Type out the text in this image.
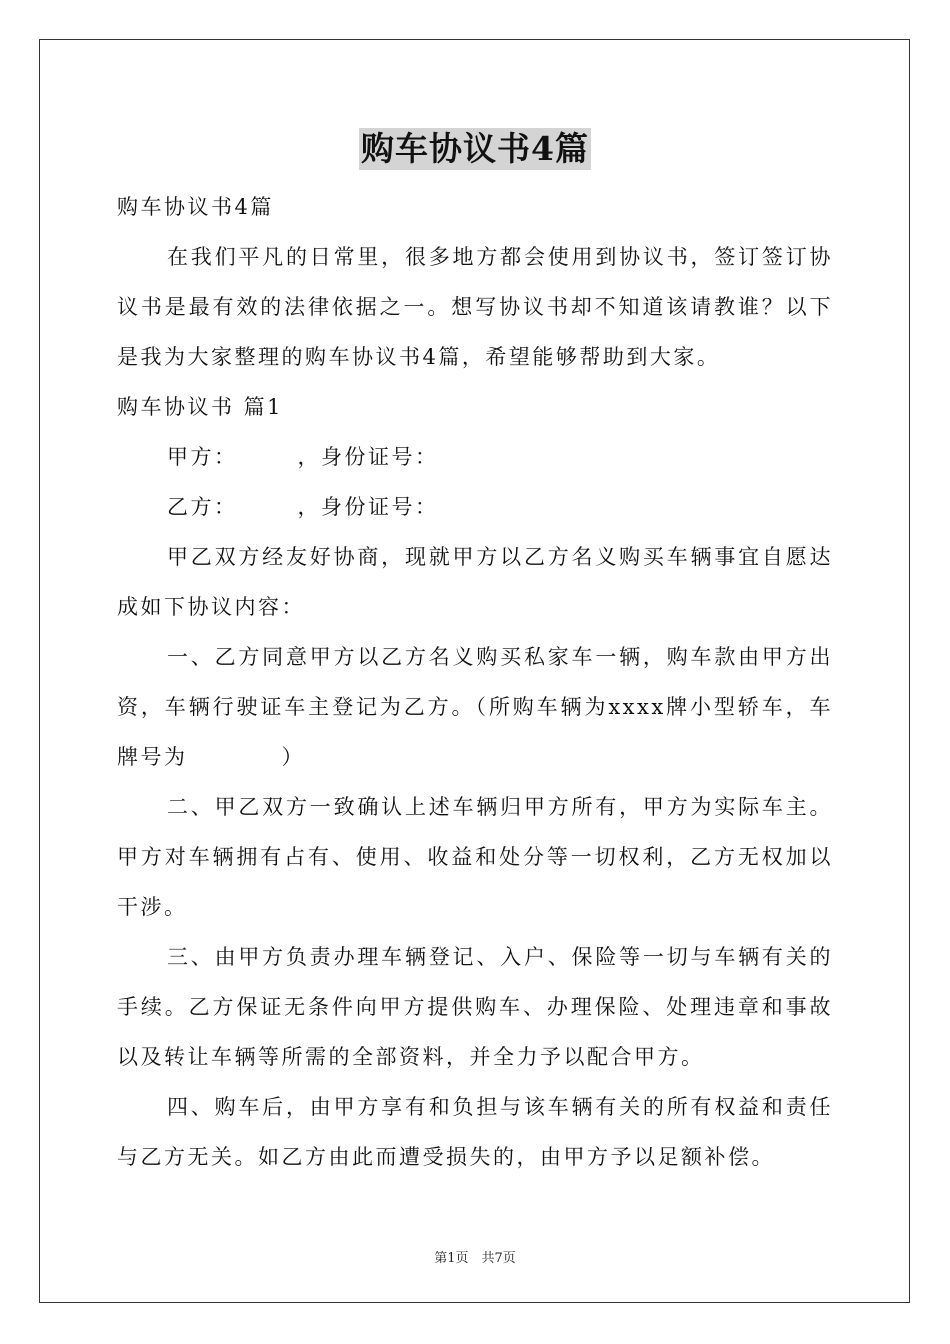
购车协议书4篇

购车协议书4篇

在我们平凡的日常里，很多地方都会使用到协议书，签订签订协议书是最有效的法律依据之一。想写协议书却不知道该请教谁？以下是我为大家整理的购车协议书4篇，希望能够帮助到大家。

购车协议书 篇1

甲方：　　　，身份证号：

乙方：　　　，身份证号：

甲乙双方经友好协商，现就甲方以乙方名义购买车辆事宜自愿达成如下协议内容：

一、乙方同意甲方以乙方名义购买私家车一辆，购车款由甲方出资，车辆行驶证车主登记为乙方。（所购车辆为xxxx牌小型轿车，车牌号为　　　　）

二、甲乙双方一致确认上述车辆归甲方所有，甲方为实际车主。甲方对车辆拥有占有、使用、收益和处分等一切权利，乙方无权加以干涉。

三、由甲方负责办理车辆登记、入户、保险等一切与车辆有关的手续。乙方保证无条件向甲方提供购车、办理保险、处理违章和事故以及转让车辆等所需的全部资料，并全力予以配合甲方。

四、购车后，由甲方享有和负担与该车辆有关的所有权益和责任与乙方无关。如乙方由此而遭受损失的，由甲方予以足额补偿。

第1页　共7页
